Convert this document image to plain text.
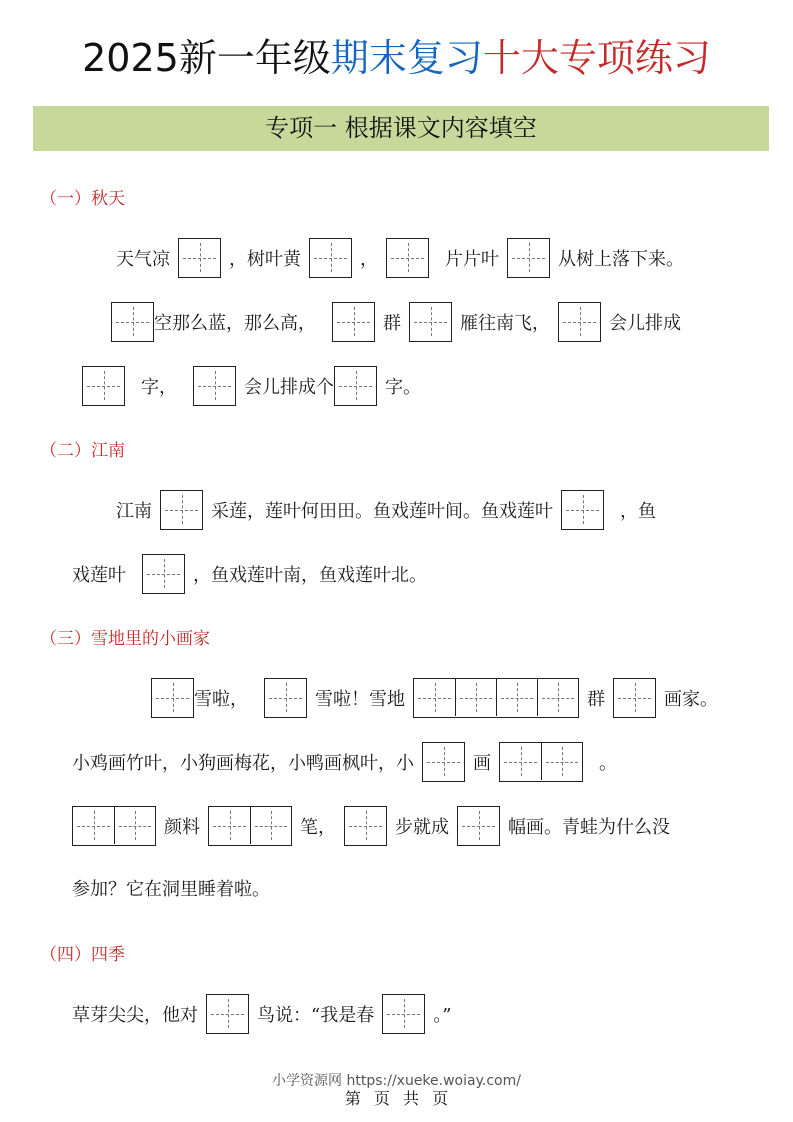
2025新一年级期末复习十大专项练习
专项一 根据课文内容填空
（一）秋天
天气凉	，树叶黄	，	片片叶	从树上落下来。
空那么蓝，那么高，	群	雁往南飞，	会儿排成
字，	会儿排成个	字。
（二）江南
江南	采莲，莲叶何田田。鱼戏莲叶间。鱼戏莲叶	，鱼
戏莲叶	，鱼戏莲叶南，鱼戏莲叶北。
（三）雪地里的小画家
雪啦，	雪啦！雪地	群	画家。
小鸡画竹叶，小狗画梅花，小鸭画枫叶，小	画	。
颜料	笔，	步就成	幅画。青蛙为什么没
参加？它在洞里睡着啦。
（四）四季
草芽尖尖，他对	鸟说：“我是春	。”
小学资源网 https://xueke.woiay.com/
第 页 共 页
